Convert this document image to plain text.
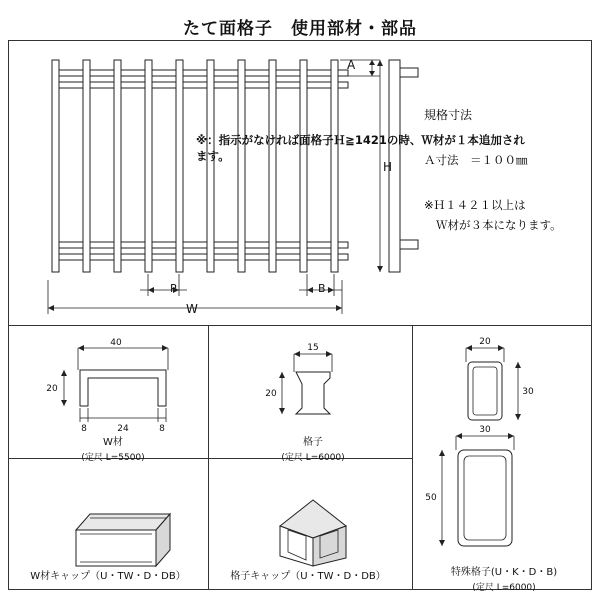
たて面格子　使用部材・部品
A
H
W
P	B
規格寸法
※：指示がなければ面格子Ｈ≧1421の時、Ｗ材が１本追加されます。	Ａ寸法　＝１００㎜
※Ｈ１４２１以上は
Ｗ材が３本になります。
40
20
8	24	8
W材
(定尺 L=5500)
15
20
格子
(定尺 L=6000)
20
30
30
50
特殊格子(U・K・D・B)
(定尺 L=6000)
W材キャップ（U・TW・D・DB）	格子キャップ（U・TW・D・DB）
